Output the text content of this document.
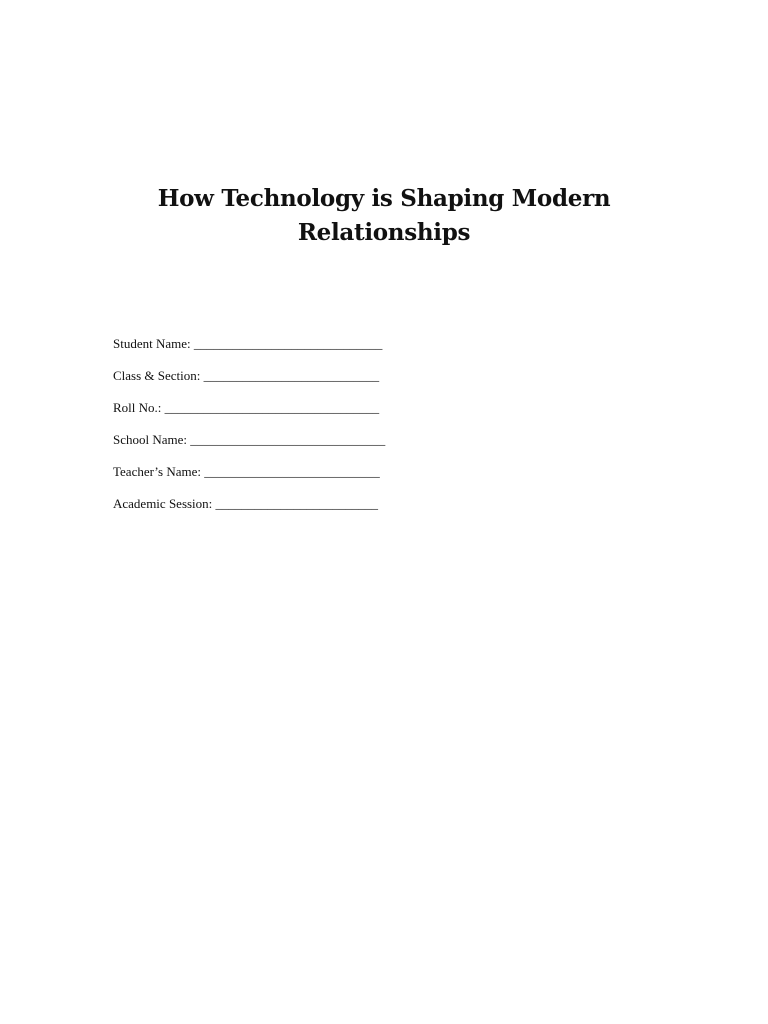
How Technology is Shaping Modern
Relationships
Student Name: _____________________________
Class & Section: ___________________________
Roll No.: _________________________________
School Name: ______________________________
Teacher’s Name: ___________________________
Academic Session: _________________________
